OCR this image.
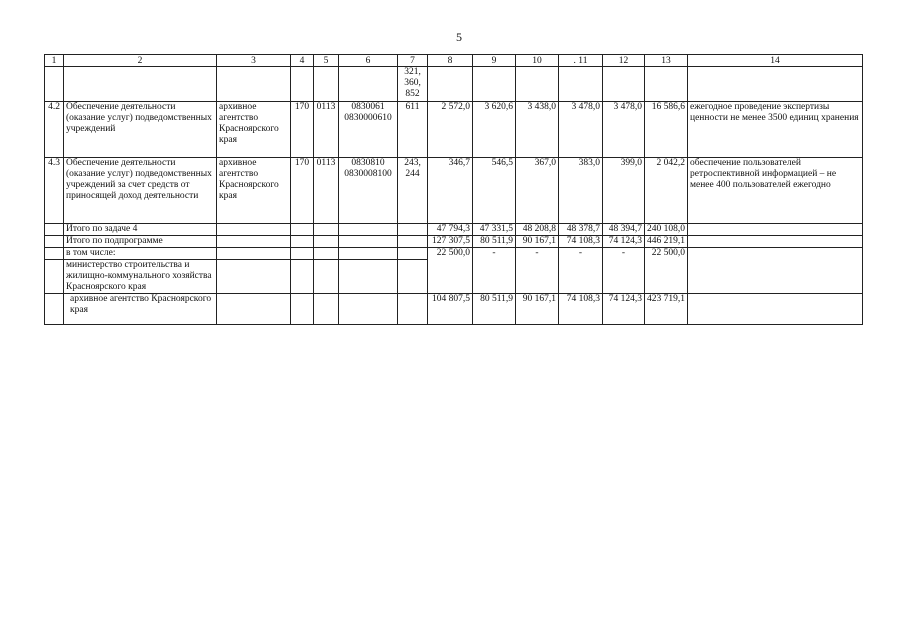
5
1	2	3	4	5	6	7	8	9	10	. 11	12	13	14
						321,
360,
852							
4.2	Обеспечение деятельности (оказание услуг) подведомственных учреждений	архивное агентство Красноярского края	170	0113	0830061 0830000610	611	2 572,0	3 620,6	3 438,0	3 478,0	3 478,0	16 586,6	ежегодное проведение экспертизы ценности не менее 3500 единиц хранения
4.3	Обеспечение деятельности (оказание услуг) подведомственных учреждений за счет средств от приносящей доход деятельности	архивное агентство Красноярского края	170	0113	0830810 0830008100	243, 244	346,7	546,5	367,0	383,0	399,0	2 042,2	обеспечение пользователей ретроспективной информацией – не менее 400 пользователей ежегодно
	Итого по задаче 4						47 794,3	47 331,5	48 208,8	48 378,7	48 394,7	240 108,0	
	Итого по подпрограмме						127 307,5	80 511,9	90 167,1	74 108,3	74 124,3	446 219,1	
	в том числе:						22 500,0	-	-	-	-	22 500,0	
	министерство строительства и жилищно-коммунального хозяйства Красноярского края												
	архивное агентство Красноярского края						104 807,5	80 511,9	90 167,1	74 108,3	74 124,3	423 719,1	
